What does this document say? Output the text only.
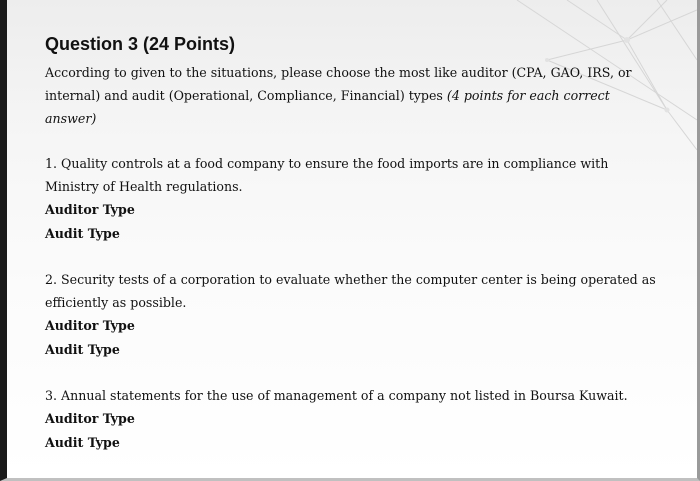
Question 3 (24 Points)

According to given to the situations, please choose the most like auditor (CPA, GAO, IRS, or internal) and audit (Operational, Compliance, Financial) types (4 points for each correct answer)

1. Quality controls at a food company to ensure the food imports are in compliance with Ministry of Health regulations.

Auditor Type

Audit Type

2. Security tests of a corporation to evaluate whether the computer center is being operated as efficiently as possible.

Auditor Type

Audit Type

3. Annual statements for the use of management of a company not listed in Boursa Kuwait.

Auditor Type

Audit Type
